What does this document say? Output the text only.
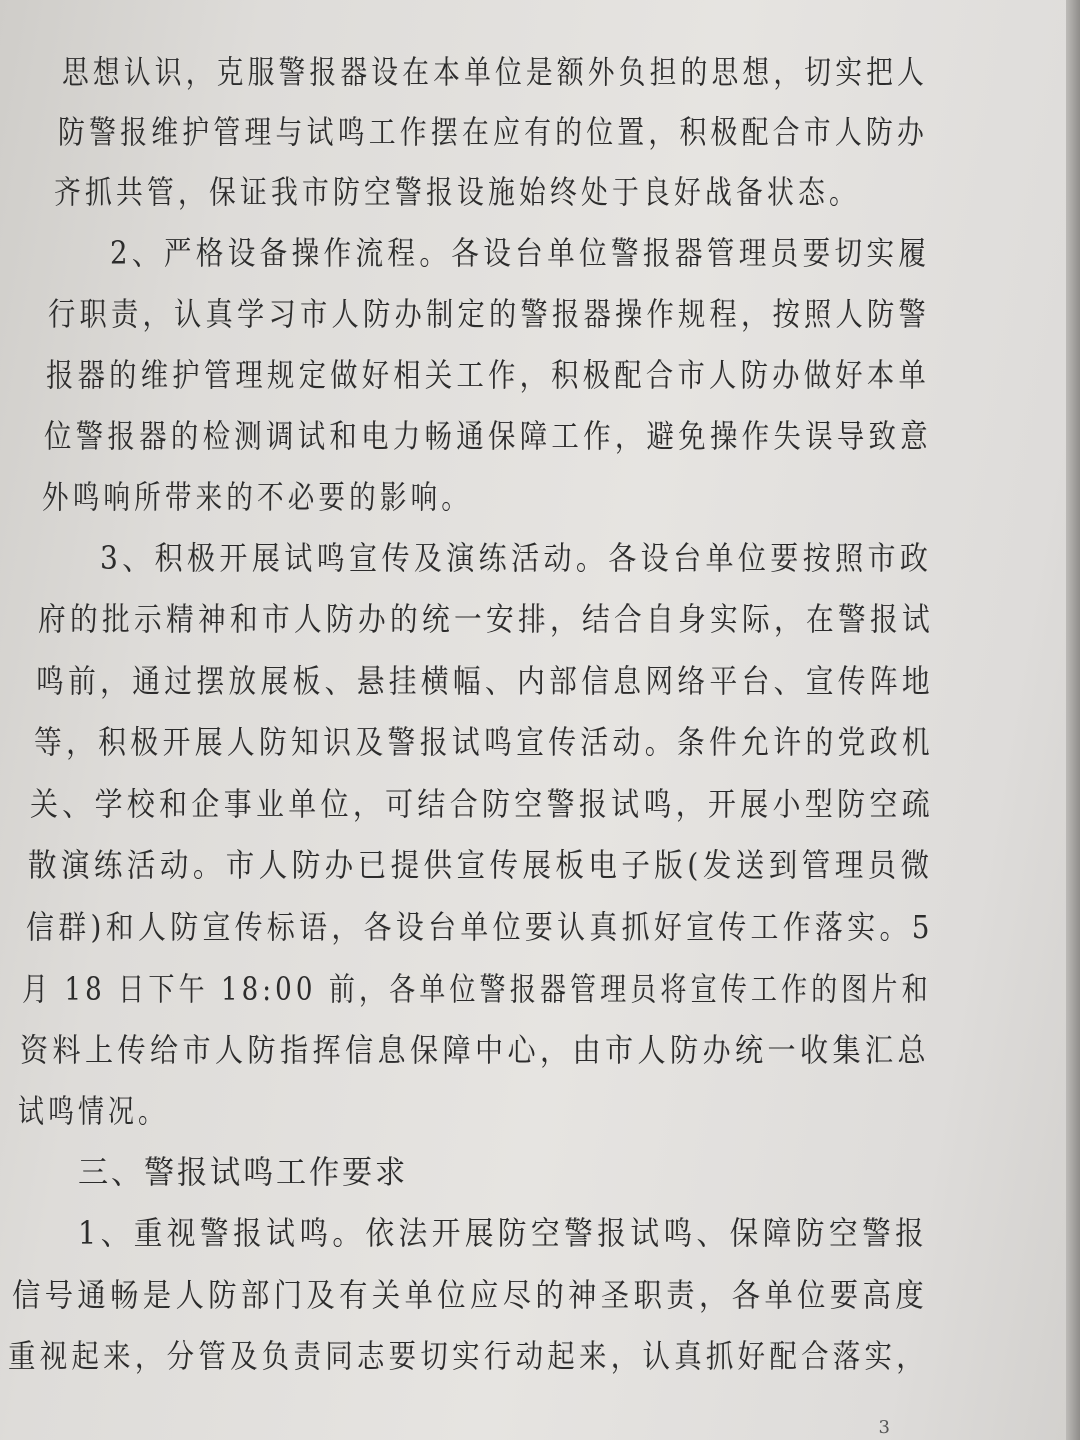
思想认识，克服警报器设在本单位是额外负担的思想，切实把人
防警报维护管理与试鸣工作摆在应有的位置，积极配合市人防办
齐抓共管，保证我市防空警报设施始终处于良好战备状态。
2、严格设备操作流程。各设台单位警报器管理员要切实履
行职责，认真学习市人防办制定的警报器操作规程，按照人防警
报器的维护管理规定做好相关工作，积极配合市人防办做好本单
位警报器的检测调试和电力畅通保障工作，避免操作失误导致意
外鸣响所带来的不必要的影响。
3、积极开展试鸣宣传及演练活动。各设台单位要按照市政
府的批示精神和市人防办的统一安排，结合自身实际，在警报试
鸣前，通过摆放展板、悬挂横幅、内部信息网络平台、宣传阵地
等，积极开展人防知识及警报试鸣宣传活动。条件允许的党政机
关、学校和企事业单位，可结合防空警报试鸣，开展小型防空疏
散演练活动。市人防办已提供宣传展板电子版(发送到管理员微
信群)和人防宣传标语，各设台单位要认真抓好宣传工作落实。5
月 18 日下午 18:00 前，各单位警报器管理员将宣传工作的图片和
资料上传给市人防指挥信息保障中心，由市人防办统一收集汇总
试鸣情况。
三、警报试鸣工作要求
1、重视警报试鸣。依法开展防空警报试鸣、保障防空警报
信号通畅是人防部门及有关单位应尽的神圣职责，各单位要高度
重视起来，分管及负责同志要切实行动起来，认真抓好配合落实，
3
